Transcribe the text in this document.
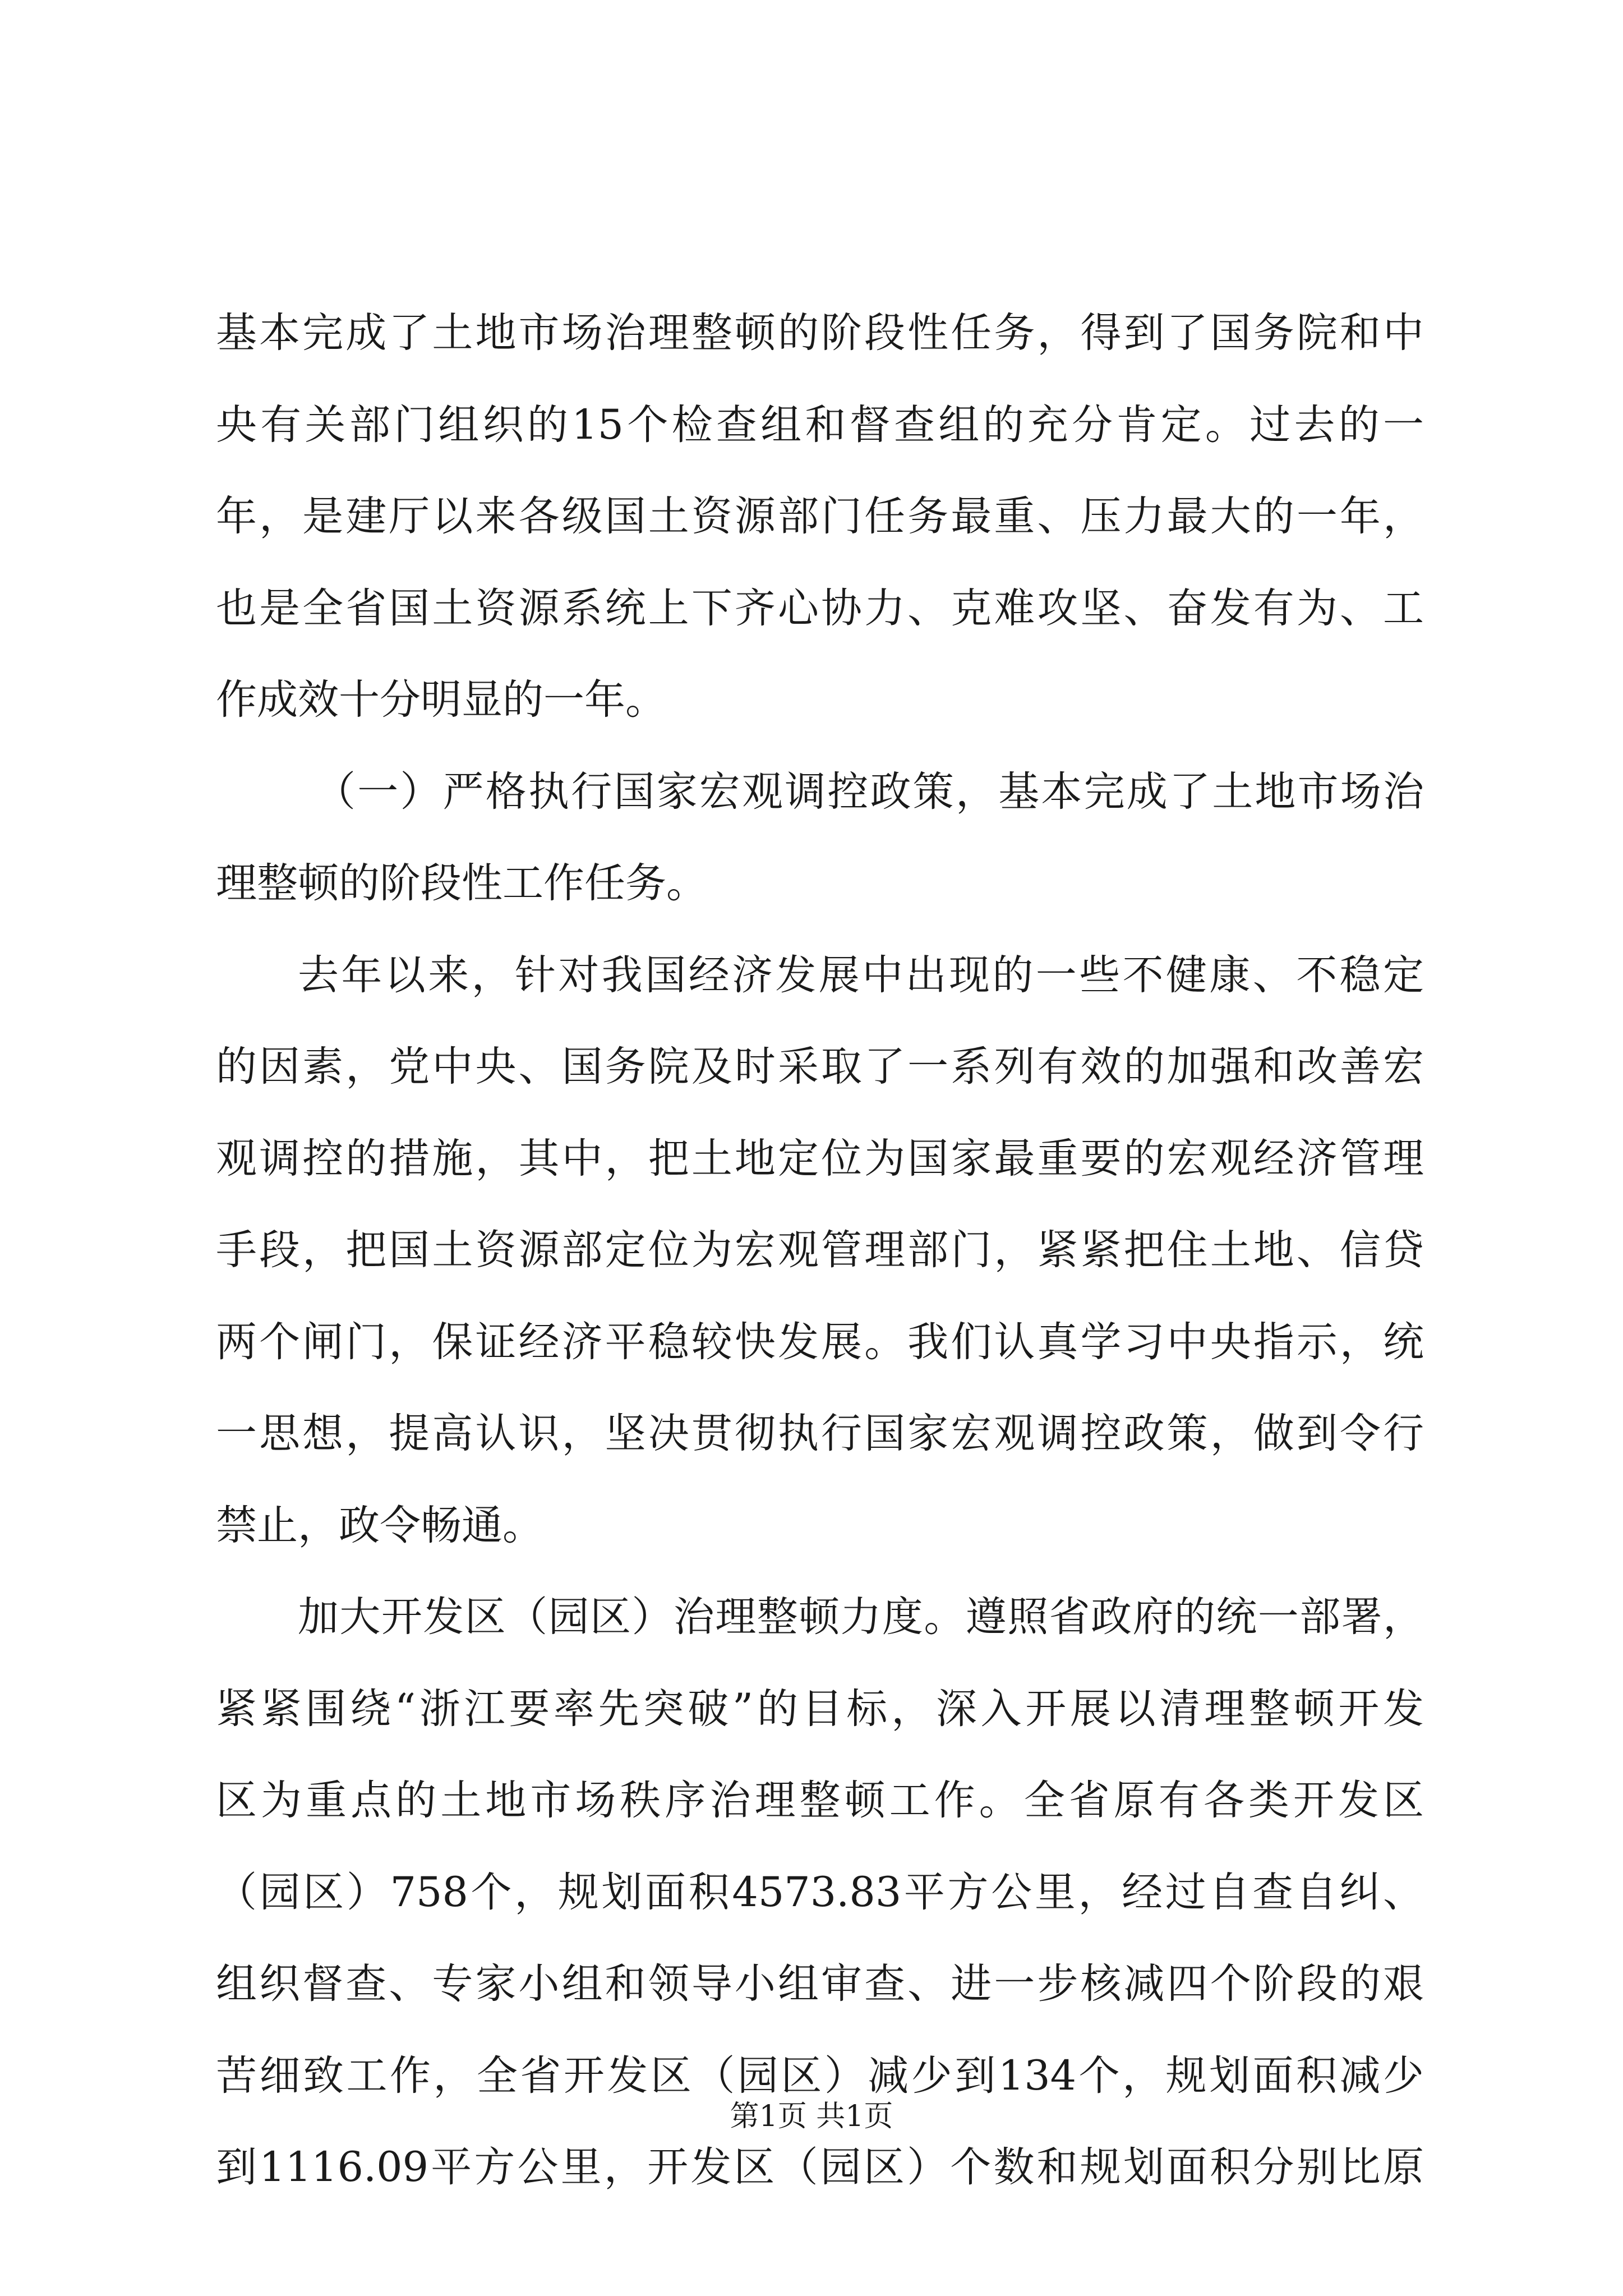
基本完成了土地市场治理整顿的阶段性任务，得到了国务院和中
央有关部门组织的15个检查组和督查组的充分肯定。过去的一
年，是建厅以来各级国土资源部门任务最重、压力最大的一年，
也是全省国土资源系统上下齐心协力、克难攻坚、奋发有为、工
作成效十分明显的一年。
（一）严格执行国家宏观调控政策，基本完成了土地市场治
理整顿的阶段性工作任务。
去年以来，针对我国经济发展中出现的一些不健康、不稳定
的因素，党中央、国务院及时采取了一系列有效的加强和改善宏
观调控的措施，其中，把土地定位为国家最重要的宏观经济管理
手段，把国土资源部定位为宏观管理部门，紧紧把住土地、信贷
两个闸门，保证经济平稳较快发展。我们认真学习中央指示，统
一思想，提高认识，坚决贯彻执行国家宏观调控政策，做到令行
禁止，政令畅通。
加大开发区（园区）治理整顿力度。遵照省政府的统一部署，
紧紧围绕“浙江要率先突破”的目标，深入开展以清理整顿开发
区为重点的土地市场秩序治理整顿工作。全省原有各类开发区
（园区）758个，规划面积4573.83平方公里，经过自查自纠、
组织督查、专家小组和领导小组审查、进一步核减四个阶段的艰
苦细致工作，全省开发区（园区）减少到134个，规划面积减少
到1116.09平方公里，开发区（园区）个数和规划面积分别比原
第1页 共1页
